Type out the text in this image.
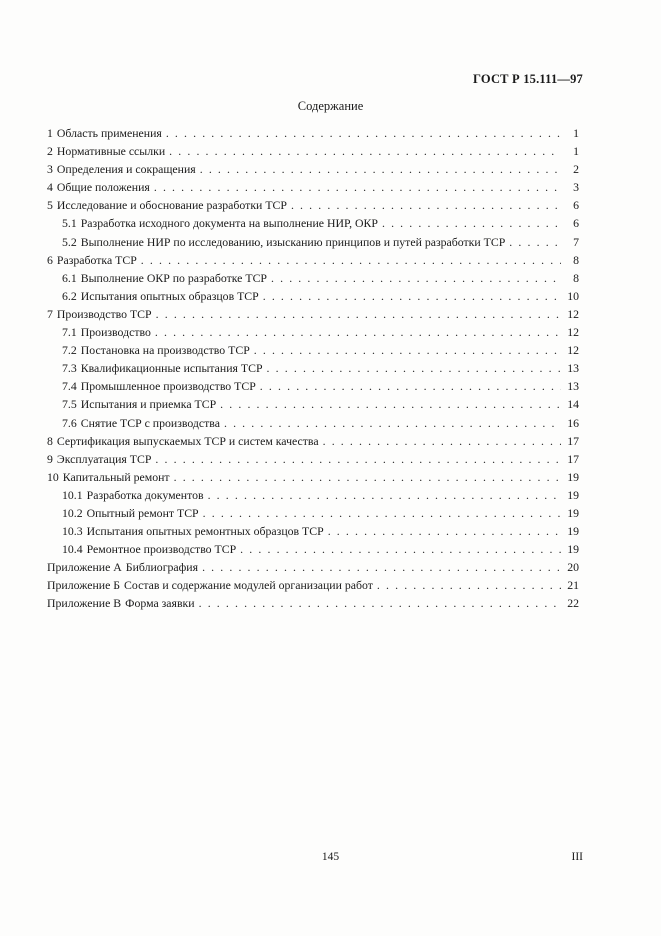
ГОСТ Р 15.111—97
Содержание
1 Область применения . . .	1
2 Нормативные ссылки . . .	1
3 Определения и сокращения . . .	2
4 Общие положения . . .	3
5 Исследование и обоснование разработки ТСР . . .	6
5.1 Разработка исходного документа на выполнение НИР, ОКР . . .	6
5.2 Выполнение НИР по исследованию, изысканию принципов и путей разработки ТСР . . .	7
6 Разработка ТСР . . .	8
6.1 Выполнение ОКР по разработке ТСР . . .	8
6.2 Испытания опытных образцов ТСР . . .	10
7 Производство ТСР . . .	12
7.1 Производство . . .	12
7.2 Постановка на производство ТСР . . .	12
7.3 Квалификационные испытания ТСР . . .	13
7.4 Промышленное производство ТСР . . .	13
7.5 Испытания и приемка ТСР . . .	14
7.6 Снятие ТСР с производства . . .	16
8 Сертификация выпускаемых ТСР и систем качества . . .	17
9 Эксплуатация ТСР . . .	17
10 Капитальный ремонт . . .	19
10.1 Разработка документов . . .	19
10.2 Опытный ремонт ТСР . . .	19
10.3 Испытания опытных ремонтных образцов ТСР . . .	19
10.4 Ремонтное производство ТСР . . .	19
Приложение А Библиография . . .	20
Приложение Б Состав и содержание модулей организации работ . . .	21
Приложение В Форма заявки . . .	22
145	III
